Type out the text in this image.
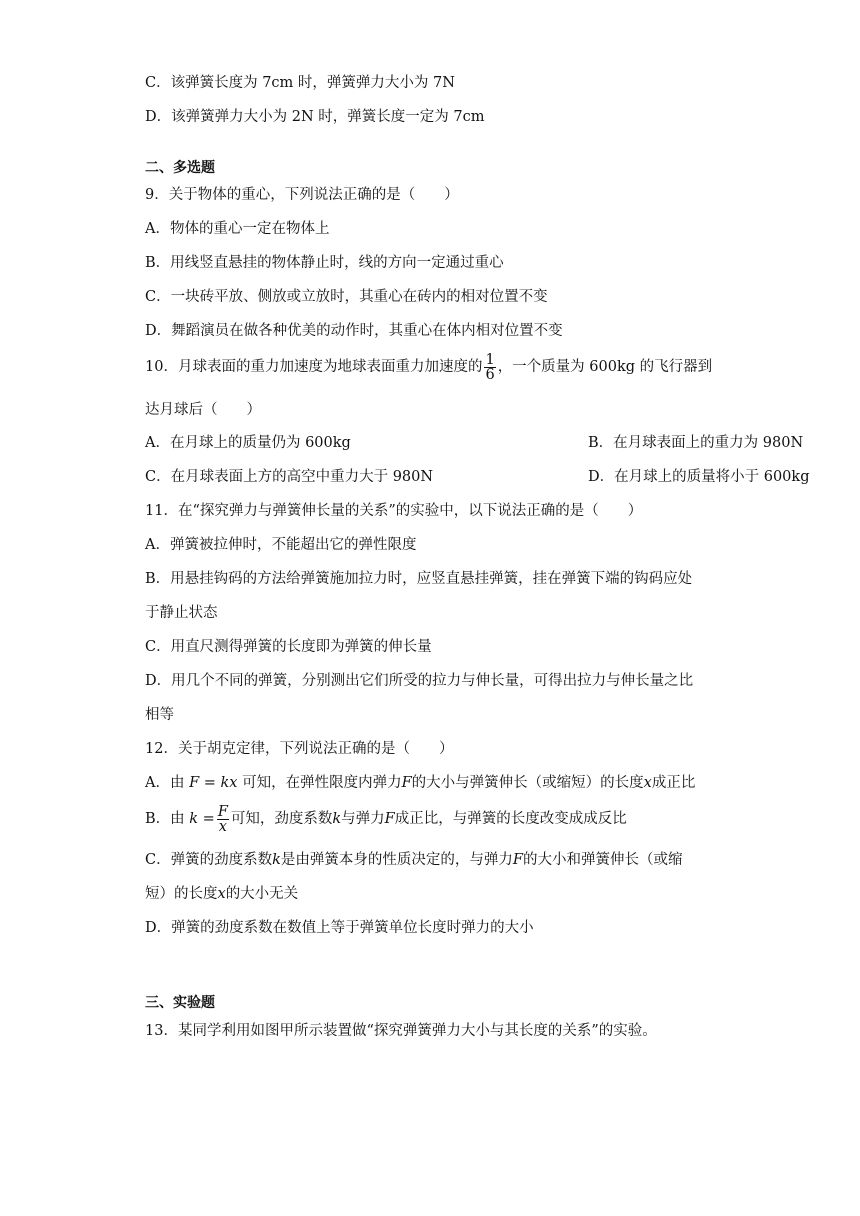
C．该弹簧长度为 7cm 时，弹簧弹力大小为 7N
D．该弹簧弹力大小为 2N 时，弹簧长度一定为 7cm
二、多选题
9．关于物体的重心，下列说法正确的是（　　）
A．物体的重心一定在物体上
B．用线竖直悬挂的物体静止时，线的方向一定通过重心
C．一块砖平放、侧放或立放时，其重心在砖内的相对位置不变
D．舞蹈演员在做各种优美的动作时，其重心在体内相对位置不变
10．月球表面的重力加速度为地球表面重力加速度的 $\frac{1}{6}$ ，一个质量为 600kg 的飞行器到
达月球后（　　）
A．在月球上的质量仍为 600kg	B．在月球表面上的重力为 980N
C．在月球表面上方的高空中重力大于 980N	D．在月球上的质量将小于 600kg
11．在“探究弹力与弹簧伸长量的关系”的实验中，以下说法正确的是（　　）
A．弹簧被拉伸时，不能超出它的弹性限度
B．用悬挂钩码的方法给弹簧施加拉力时，应竖直悬挂弹簧，挂在弹簧下端的钩码应处
于静止状态
C．用直尺测得弹簧的长度即为弹簧的伸长量
D．用几个不同的弹簧，分别测出它们所受的拉力与伸长量，可得出拉力与伸长量之比
相等
12．关于胡克定律，下列说法正确的是（　　）
A．由 F = kx 可知，在弹性限度内弹力F的大小与弹簧伸长（或缩短）的长度x成正比
B．由 $k = \frac{F}{x}$ 可知，劲度系数k与弹力F成正比，与弹簧的长度改变成成反比
C．弹簧的劲度系数k是由弹簧本身的性质决定的，与弹力F的大小和弹簧伸长（或缩
短）的长度x的大小无关
D．弹簧的劲度系数在数值上等于弹簧单位长度时弹力的大小
三、实验题
13．某同学利用如图甲所示装置做“探究弹簧弹力大小与其长度的关系”的实验。
